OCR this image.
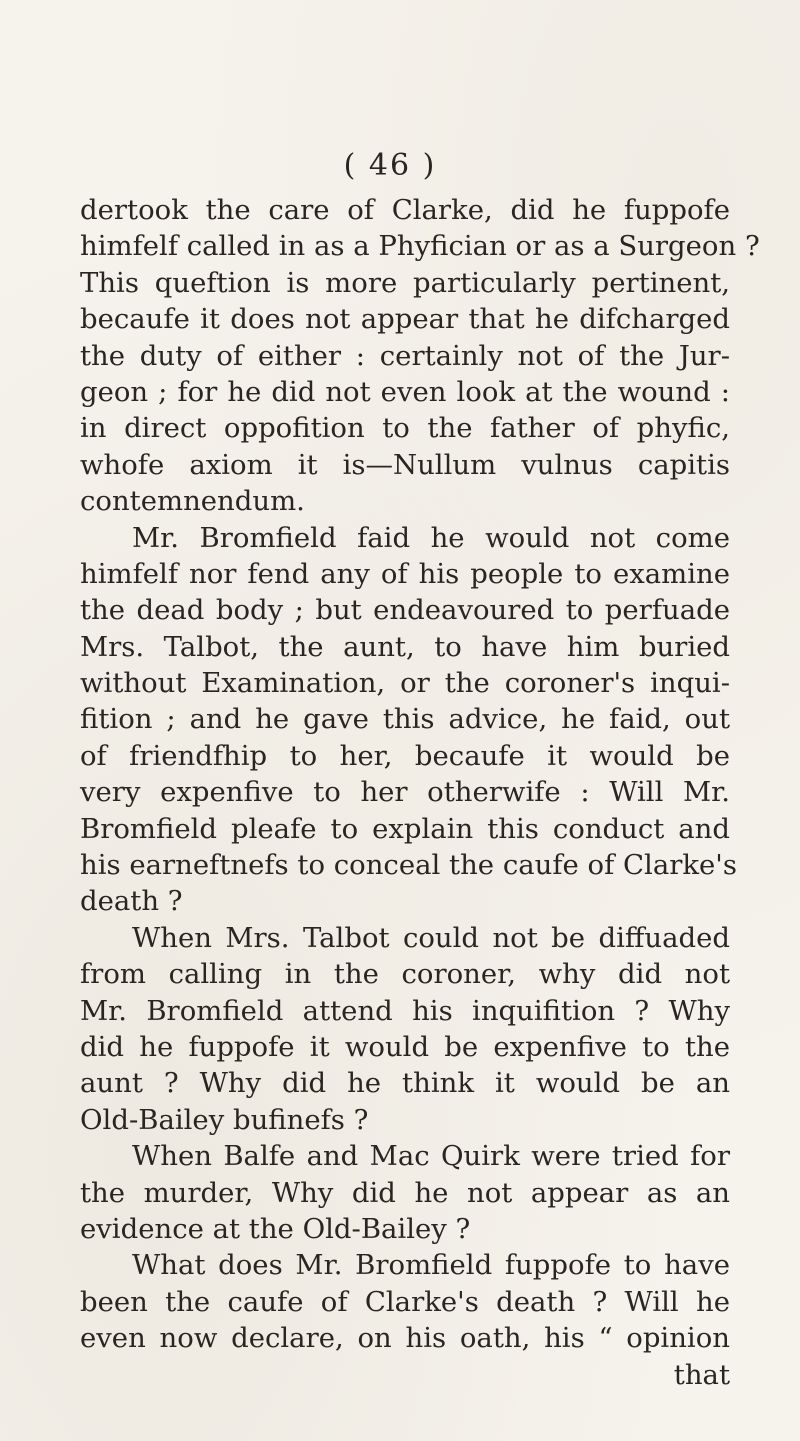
( 46 )
dertook the care of Clarke, did he fuppofe
himfelf called in as a Phyfician or as a Surgeon ?
This queftion is more particularly pertinent,
becaufe it does not appear that he difcharged
the duty of either : certainly not of the Jur-
geon ; for he did not even look at the wound :
in direct oppofition to the father of phyfic,
whofe axiom it is—Nullum vulnus capitis
contemnendum.
Mr. Bromfield faid he would not come
himfelf nor fend any of his people to examine
the dead body ; but endeavoured to perfuade
Mrs. Talbot, the aunt, to have him buried
without Examination, or the coroner's inqui-
fition ; and he gave this advice, he faid, out
of friendfhip to her, becaufe it would be
very expenfive to her otherwife : Will Mr.
Bromfield pleafe to explain this conduct and
his earneftnefs to conceal the caufe of Clarke's
death ?
When Mrs. Talbot could not be diffuaded
from calling in the coroner, why did not
Mr. Bromfield attend his inquifition ? Why
did he fuppofe it would be expenfive to the
aunt ? Why did he think it would be an
Old-Bailey bufinefs ?
When Balfe and Mac Quirk were tried for
the murder, Why did he not appear as an
evidence at the Old-Bailey ?
What does Mr. Bromfield fuppofe to have
been the caufe of Clarke's death ? Will he
even now declare, on his oath, his “ opinion
that
